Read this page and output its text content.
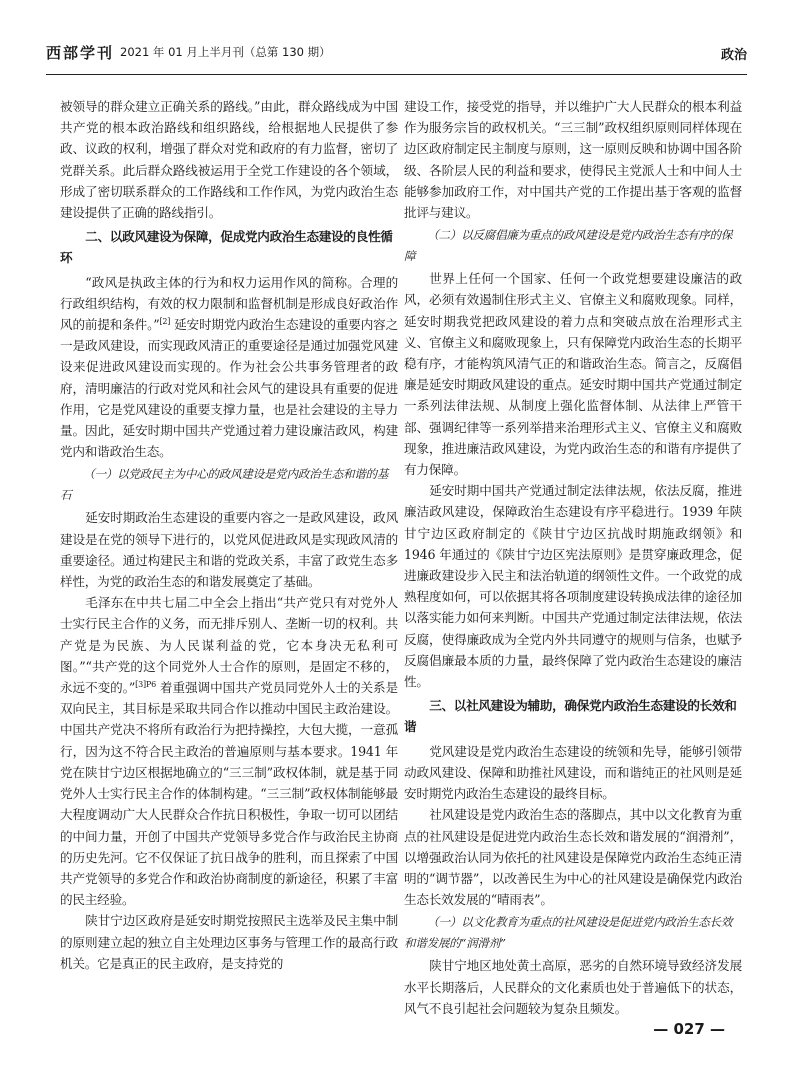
西部学刊 2021 年 01 月上半月刊（总第 130 期）	政治

被领导的群众建立正确关系的路线。”由此，群众路线成为中国共产党的根本政治路线和组织路线，给根据地人民提供了参政、议政的权利，增强了群众对党和政府的有力监督，密切了党群关系。此后群众路线被运用于全党工作建设的各个领域，形成了密切联系群众的工作路线和工作作风，为党内政治生态建设提供了正确的路线指引。

二、以政风建设为保障，促成党内政治生态建设的良性循环

“政风是执政主体的行为和权力运用作风的简称。合理的行政组织结构，有效的权力限制和监督机制是形成良好政治作风的前提和条件。”[2] 延安时期党内政治生态建设的重要内容之一是政风建设，而实现政风清正的重要途径是通过加强党风建设来促进政风建设而实现的。作为社会公共事务管理者的政府，清明廉洁的行政对党风和社会风气的建设具有重要的促进作用，它是党风建设的重要支撑力量，也是社会建设的主导力量。因此，延安时期中国共产党通过着力建设廉洁政风，构建党内和谐政治生态。

（一）以党政民主为中心的政风建设是党内政治生态和谐的基石

延安时期政治生态建设的重要内容之一是政风建设，政风建设是在党的领导下进行的，以党风促进政风是实现政风清的重要途径。通过构建民主和谐的党政关系，丰富了政党生态多样性，为党的政治生态的和谐发展奠定了基础。

毛泽东在中共七届二中全会上指出“共产党只有对党外人士实行民主合作的义务，而无排斥别人、垄断一切的权利。共产党是为民族、为人民谋利益的党，它本身决无私利可图。”“共产党的这个同党外人士合作的原则，是固定不移的，永远不变的。”$^{[3]P6}$ 着重强调中国共产党员同党外人士的关系是双向民主，其目标是采取共同合作以推动中国民主政治建设。中国共产党决不将所有政治行为把持操控，大包大揽，一意孤行，因为这不符合民主政治的普遍原则与基本要求。1941 年党在陕甘宁边区根据地确立的“三三制”政权体制，就是基于同党外人士实行民主合作的体制构建。“三三制”政权体制能够最大程度调动广大人民群众合作抗日积极性，争取一切可以团结的中间力量，开创了中国共产党领导多党合作与政治民主协商的历史先河。它不仅保证了抗日战争的胜利，而且探索了中国共产党领导的多党合作和政治协商制度的新途径，积累了丰富的民主经验。

陕甘宁边区政府是延安时期党按照民主选举及民主集中制的原则建立起的独立自主处理边区事务与管理工作的最高行政机关。它是真正的民主政府，是支持党的

建设工作，接受党的指导，并以维护广大人民群众的根本利益作为服务宗旨的政权机关。“三三制”政权组织原则同样体现在边区政府制定民主制度与原则，这一原则反映和协调中国各阶级、各阶层人民的利益和要求，使得民主党派人士和中间人士能够参加政府工作，对中国共产党的工作提出基于客观的监督批评与建议。

（二）以反腐倡廉为重点的政风建设是党内政治生态有序的保障

世界上任何一个国家、任何一个政党想要建设廉洁的政风，必须有效遏制住形式主义、官僚主义和腐败现象。同样，延安时期我党把政风建设的着力点和突破点放在治理形式主义、官僚主义和腐败现象上，只有保障党内政治生态的长期平稳有序，才能构筑风清气正的和谐政治生态。简言之，反腐倡廉是延安时期政风建设的重点。延安时期中国共产党通过制定一系列法律法规、从制度上强化监督体制、从法律上严管干部、强调纪律等一系列举措来治理形式主义、官僚主义和腐败现象，推进廉洁政风建设，为党内政治生态的和谐有序提供了有力保障。

延安时期中国共产党通过制定法律法规，依法反腐，推进廉洁政风建设，保障政治生态建设有序平稳进行。1939 年陕甘宁边区政府制定的《陕甘宁边区抗战时期施政纲领》和 1946 年通过的《陕甘宁边区宪法原则》是贯穿廉政理念，促进廉政建设步入民主和法治轨道的纲领性文件。一个政党的成熟程度如何，可以依据其将各项制度建设转换成法律的途径加以落实能力如何来判断。中国共产党通过制定法律法规，依法反腐，使得廉政成为全党内外共同遵守的规则与信条，也赋予反腐倡廉最本质的力量，最终保障了党内政治生态建设的廉洁性。

三、以社风建设为辅助，确保党内政治生态建设的长效和谐

党风建设是党内政治生态建设的统领和先导，能够引领带动政风建设、保障和助推社风建设，而和谐纯正的社风则是延安时期党内政治生态建设的最终目标。

社风建设是党内政治生态的落脚点，其中以文化教育为重点的社风建设是促进党内政治生态长效和谐发展的“润滑剂”，以增强政治认同为依托的社风建设是保障党内政治生态纯正清明的“调节器”，以改善民生为中心的社风建设是确保党内政治生态长效发展的“晴雨表”。

（一）以文化教育为重点的社风建设是促进党内政治生态长效和谐发展的“润滑剂”

陕甘宁地区地处黄土高原，恶劣的自然环境导致经济发展水平长期落后，人民群众的文化素质也处于普遍低下的状态，风气不良引起社会问题较为复杂且频发。

— 027 —
